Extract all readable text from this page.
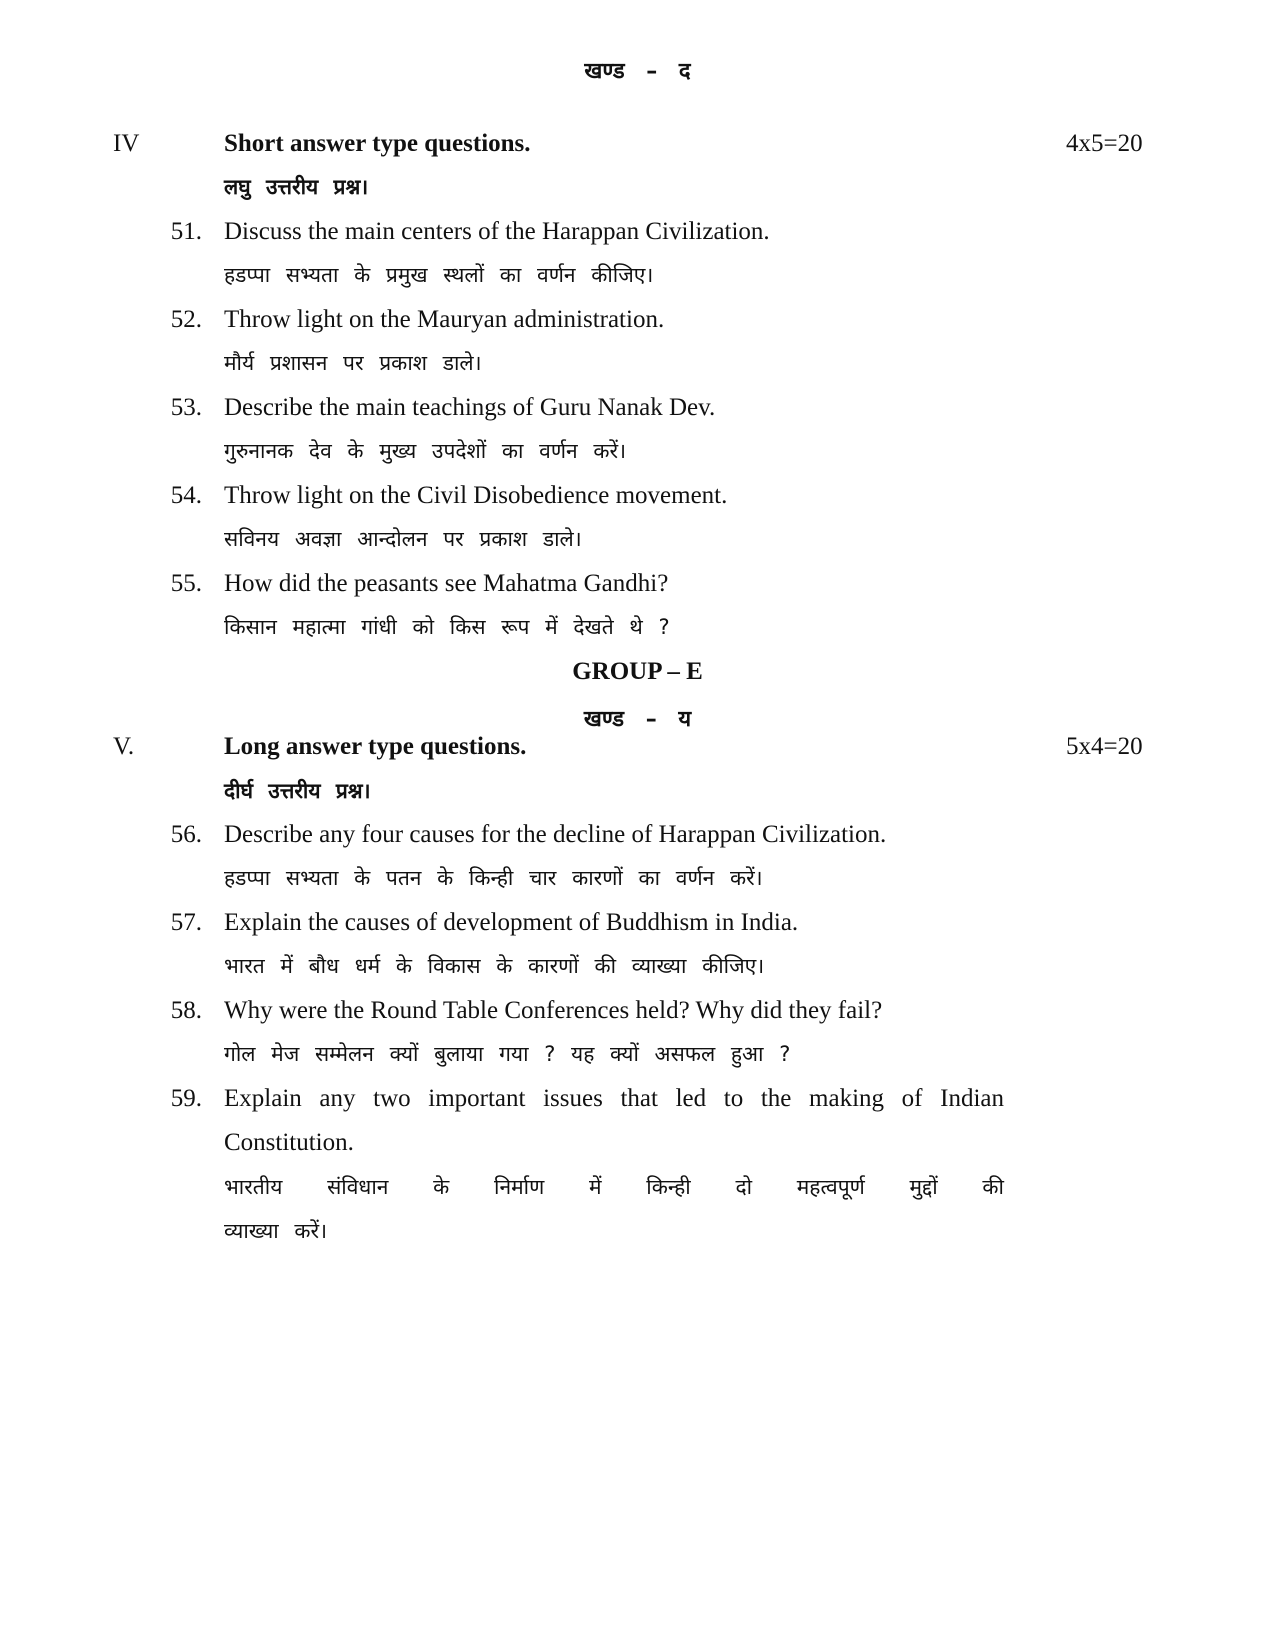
खण्ड – द
IV	Short answer type questions.	4x5=20
लघु उत्तरीय प्रश्न।
51. Discuss the main centers of the Harappan Civilization.
हडप्पा सभ्यता के प्रमुख स्थलों का वर्णन कीजिए।
52. Throw light on the Mauryan administration.
मौर्य प्रशासन पर प्रकाश डाले।
53. Describe the main teachings of Guru Nanak Dev.
गुरुनानक देव के मुख्य उपदेशों का वर्णन करें।
54. Throw light on the Civil Disobedience movement.
सविनय अवज्ञा आन्दोलन पर प्रकाश डाले।
55. How did the peasants see Mahatma Gandhi?
किसान महात्मा गांधी को किस रूप में देखते थे ?
GROUP – E
खण्ड – य
V.	Long answer type questions.	5x4=20
दीर्घ उत्तरीय प्रश्न।
56. Describe any four causes for the decline of Harappan Civilization.
हडप्पा सभ्यता के पतन के किन्ही चार कारणों का वर्णन करें।
57. Explain the causes of development of Buddhism in India.
भारत में बौध धर्म के विकास के कारणों की व्याख्या कीजिए।
58. Why were the Round Table Conferences held? Why did they fail?
गोल मेज सम्मेलन क्यों बुलाया गया ? यह क्यों असफल हुआ ?
59. Explain any two important issues that led to the making of Indian
Constitution.
भारतीय संविधान के निर्माण में किन्ही दो महत्वपूर्ण मुद्दों की
व्याख्या करें।
